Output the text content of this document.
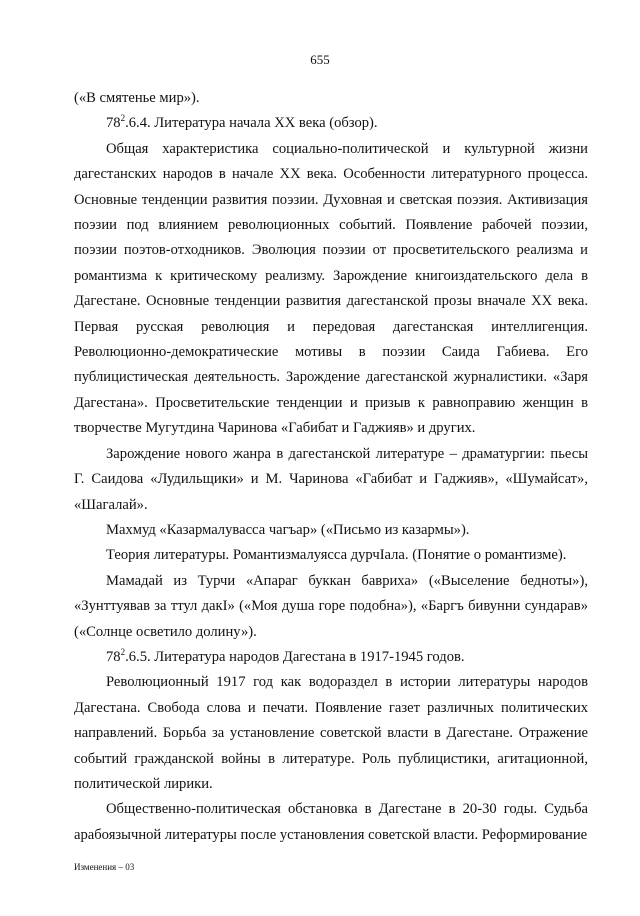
655

(«В смятенье мир»).

$78^2.6.4$. Литература начала XX века (обзор).

Общая характеристика социально-политической и культурной жизни дагестанских народов в начале XX века. Особенности литературного процесса. Основные тенденции развития поэзии. Духовная и светская поэзия. Активизация поэзии под влиянием революционных событий. Появление рабочей поэзии, поэзии поэтов-отходников. Эволюция поэзии от просветительского реализма и романтизма к критическому реализму. Зарождение книгоиздательского дела в Дагестане. Основные тенденции развития дагестанской прозы вначале XX века. Первая русская революция и передовая дагестанская интеллигенция. Революционно-демократические мотивы в поэзии Саида Габиева. Его публицистическая деятельность. Зарождение дагестанской журналистики. «Заря Дагестана». Просветительские тенденции и призыв к равноправию женщин в творчестве Мугутдина Чаринова «Габибат и Гаджияв» и других.

Зарождение нового жанра в дагестанской литературе – драматургии: пьесы Г. Саидова «Лудильщики» и М. Чаринова «Габибат и Гаджияв», «Шумайсат», «Шагалай».

Махмуд «Казармалувасса чагъар» («Письмо из казармы»).

Теория литературы. Романтизмалуясса дурчIала. (Понятие о романтизме).

Мамадай из Турчи «Апараг буккан бавриха» («Выселение бедноты»), «Зунттуявав за ттул дакI» («Моя душа горе подобна»), «Баргъ бивунни сундарав» («Солнце осветило долину»).

$78^2.6.5$. Литература народов Дагестана в 1917-1945 годов.

Революционный 1917 год как водораздел в истории литературы народов Дагестана. Свобода слова и печати. Появление газет различных политических направлений. Борьба за установление советской власти в Дагестане. Отражение событий гражданской войны в литературе. Роль публицистики, агитационной, политической лирики.

Общественно-политическая обстановка в Дагестане в 20-30 годы. Судьба арабоязычной литературы после установления советской власти. Реформирование

Изменения – 03
